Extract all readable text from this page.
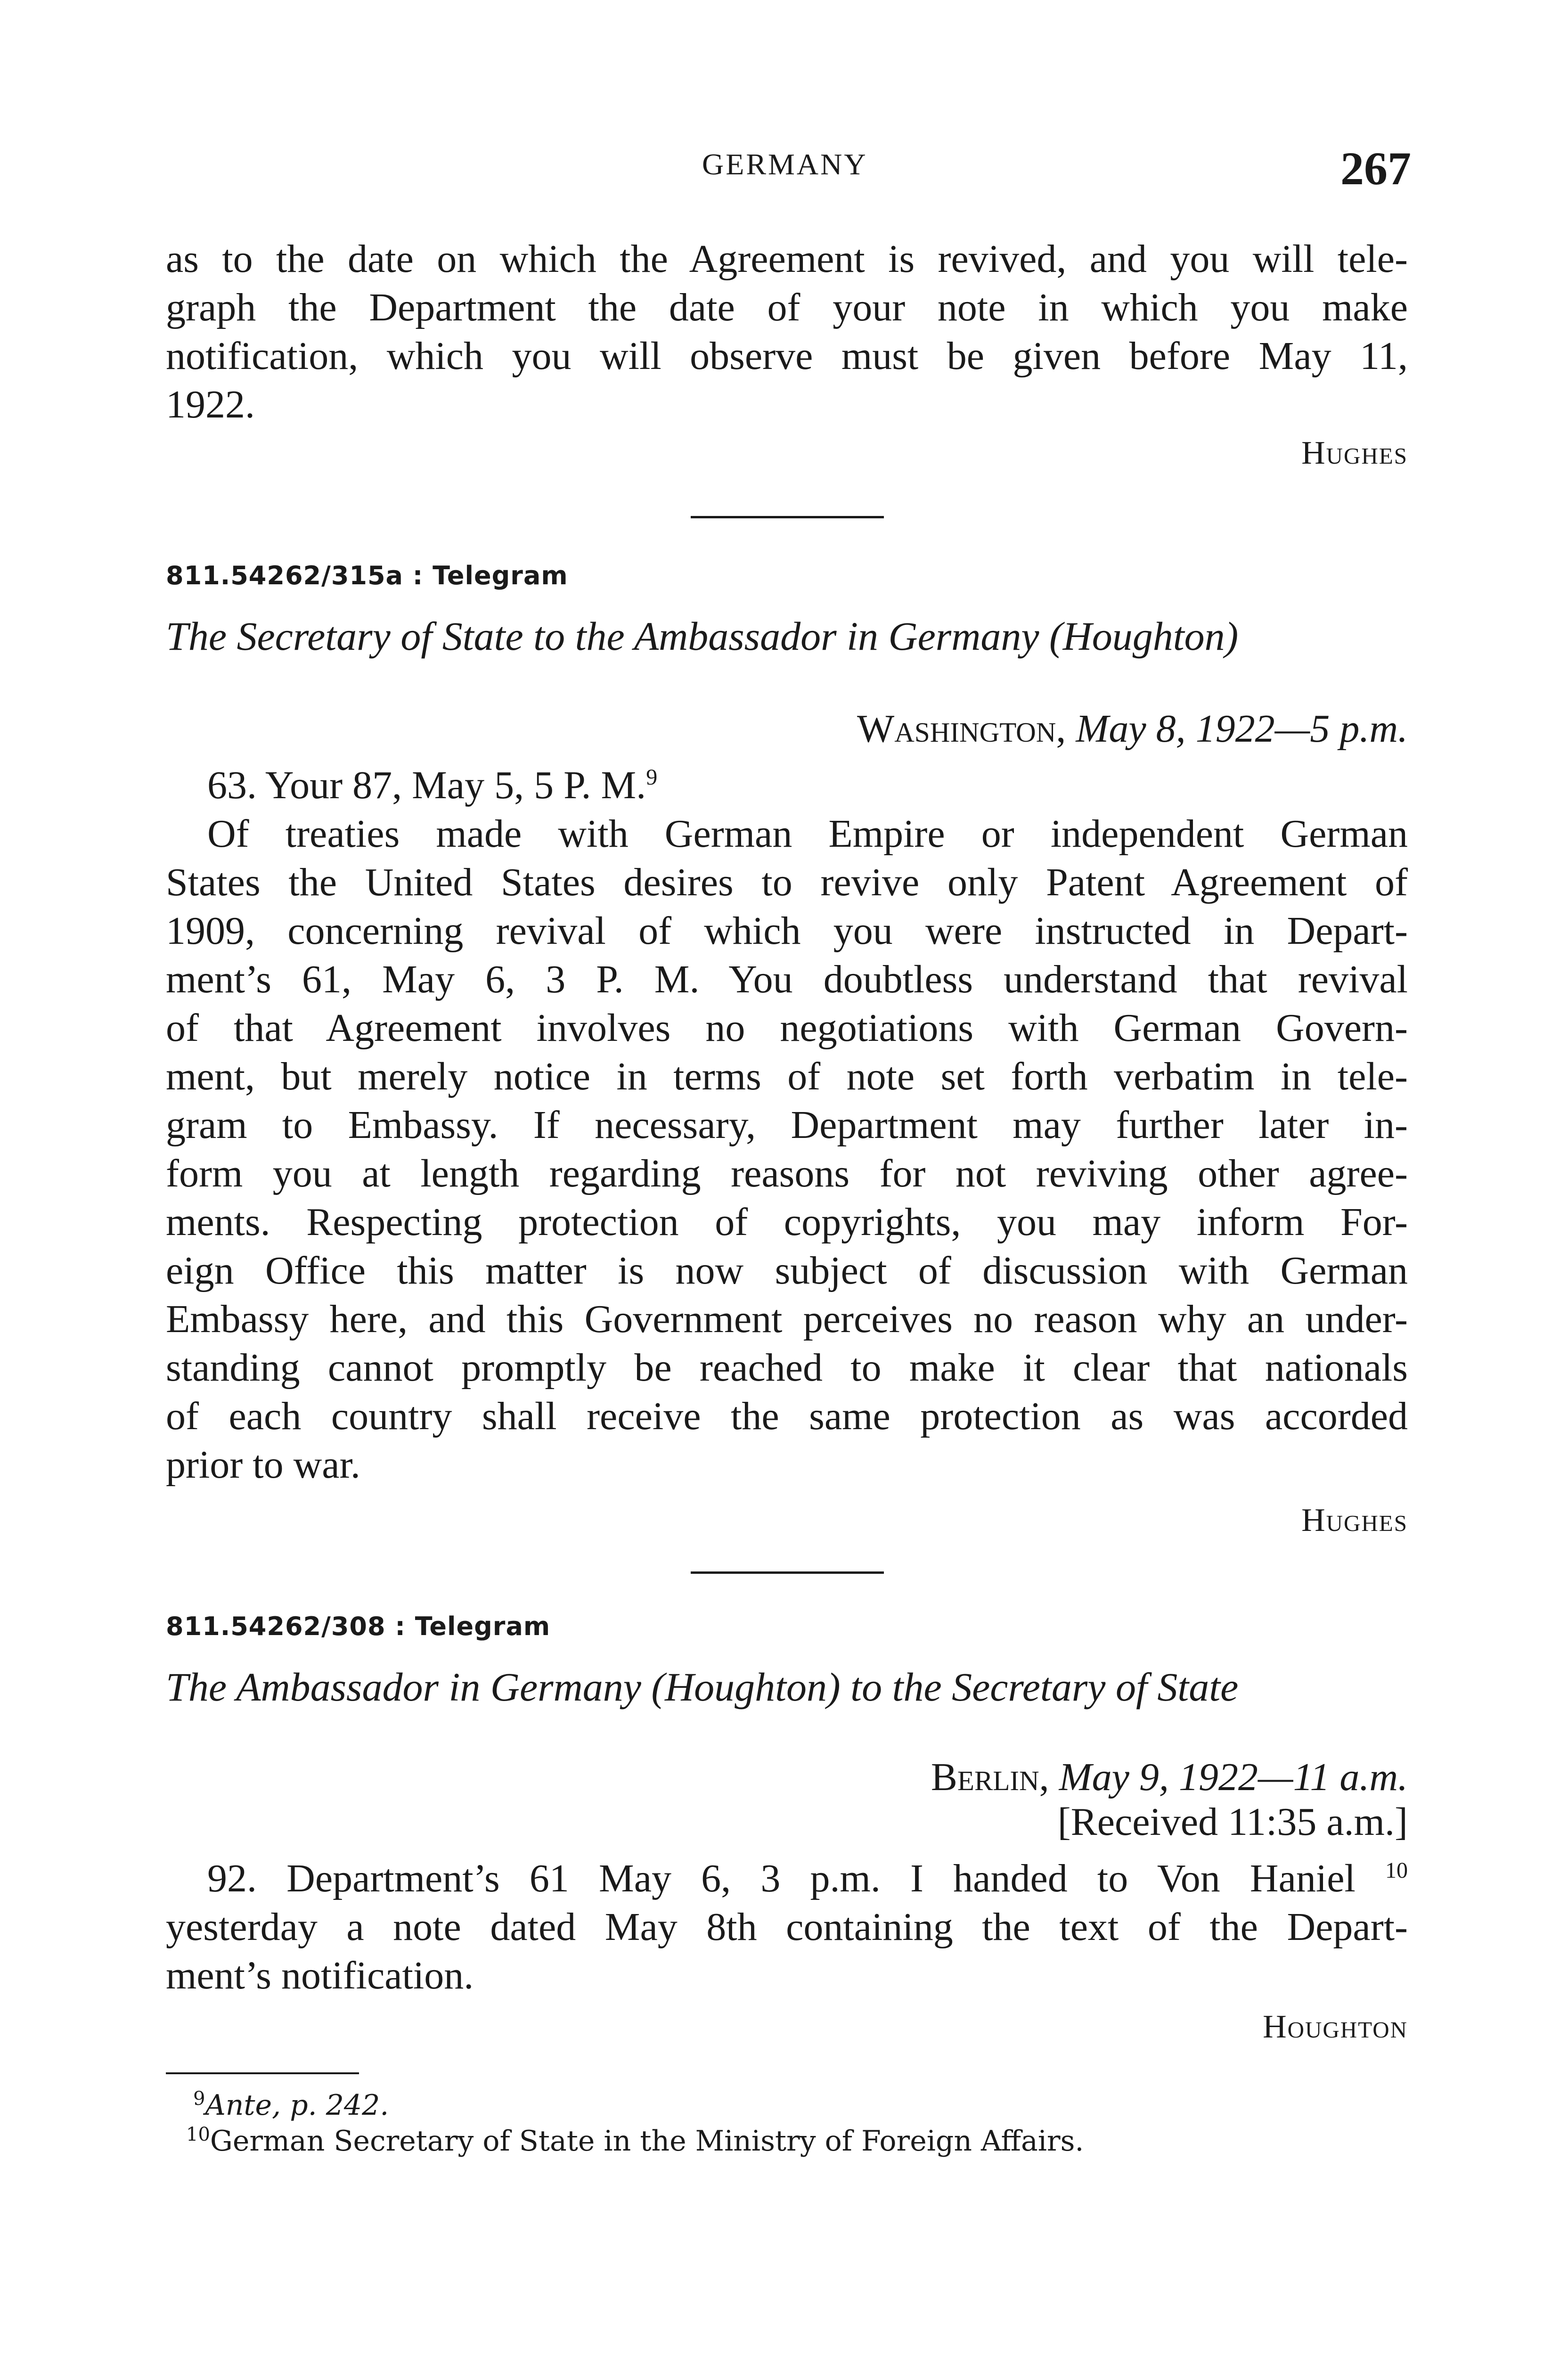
GERMANY	267
as to the date on which the Agreement is revived, and you will tele-
graph the Department the date of your note in which you make
notification, which you will observe must be given before May 11,
1922.
Hughes
811.54262/315a : Telegram
The Secretary of State to the Ambassador in Germany (Houghton)
Washington, May 8, 1922—5 p.m.
63. Your 87, May 5, 5 P. M.$^9$
Of treaties made with German Empire or independent German
States the United States desires to revive only Patent Agreement of
1909, concerning revival of which you were instructed in Depart-
ment’s 61, May 6, 3 P. M. You doubtless understand that revival
of that Agreement involves no negotiations with German Govern-
ment, but merely notice in terms of note set forth verbatim in tele-
gram to Embassy. If necessary, Department may further later in-
form you at length regarding reasons for not reviving other agree-
ments. Respecting protection of copyrights, you may inform For-
eign Office this matter is now subject of discussion with German
Embassy here, and this Government perceives no reason why an under-
standing cannot promptly be reached to make it clear that nationals
of each country shall receive the same protection as was accorded
prior to war.
Hughes
811.54262/308 : Telegram
The Ambassador in Germany (Houghton) to the Secretary of State
Berlin, May 9, 1922—11 a.m.
[Received 11:35 a.m.]
92. Department’s 61 May 6, 3 p.m. I handed to Von Haniel $^{10}$
yesterday a note dated May 8th containing the text of the Depart-
ment’s notification.
Houghton
$^9$Ante, p. 242.
$^{10}$German Secretary of State in the Ministry of Foreign Affairs.
